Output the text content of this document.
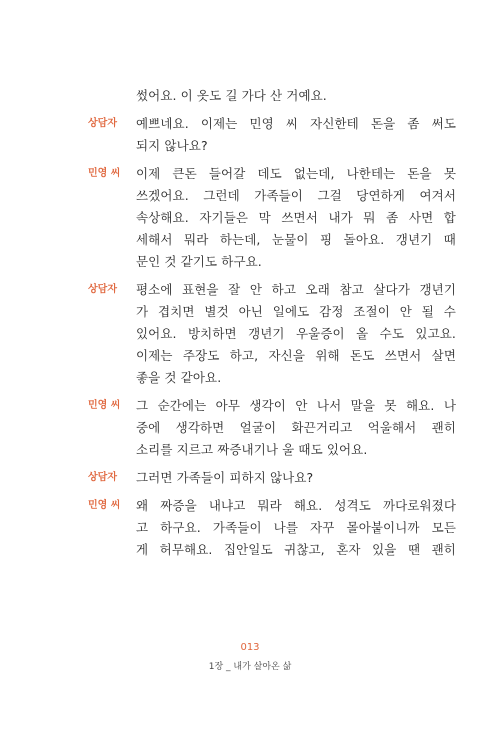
썼어요. 이 옷도 길 가다 산 거예요.
상담자	예쁘네요. 이제는 민영 씨 자신한테 돈을 좀 써도
되지 않나요?
민영 씨	이제 큰돈 들어갈 데도 없는데, 나한테는 돈을 못
쓰겠어요. 그런데 가족들이 그걸 당연하게 여겨서
속상해요. 자기들은 막 쓰면서 내가 뭐 좀 사면 합
세해서 뭐라 하는데, 눈물이 핑 돌아요. 갱년기 때
문인 것 같기도 하구요.
상담자	평소에 표현을 잘 안 하고 오래 참고 살다가 갱년기
가 겹치면 별것 아닌 일에도 감정 조절이 안 될 수
있어요. 방치하면 갱년기 우울증이 올 수도 있고요.
이제는 주장도 하고, 자신을 위해 돈도 쓰면서 살면
좋을 것 같아요.
민영 씨	그 순간에는 아무 생각이 안 나서 말을 못 해요. 나
중에 생각하면 얼굴이 화끈거리고 억울해서 괜히
소리를 지르고 짜증내기나 울 때도 있어요.
상담자	그러면 가족들이 피하지 않나요?
민영 씨	왜 짜증을 내냐고 뭐라 해요. 성격도 까다로워졌다
고 하구요. 가족들이 나를 자꾸 몰아붙이니까 모든
게 허무해요. 집안일도 귀찮고, 혼자 있을 땐 괜히
013
1장 _ 내가 살아온 삶
